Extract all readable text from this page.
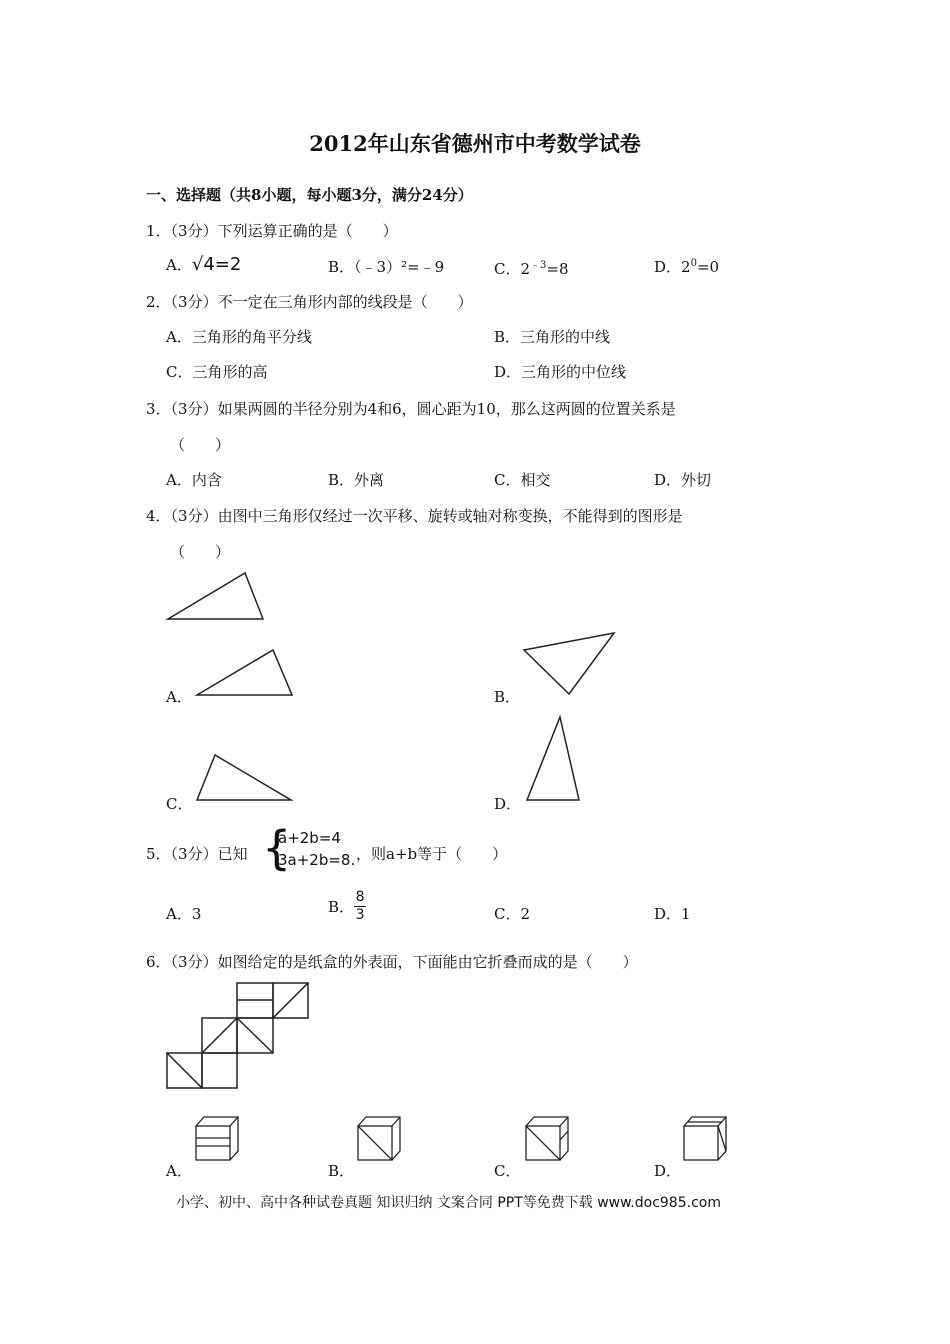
2012年山东省德州市中考数学试卷
一、选择题（共8小题，每小题3分，满分24分）
1．（3分）下列运算正确的是（　　）
A．√4=2	B．（﹣3）²=﹣9	C．$2^{﹣3}=8$	D．$2^0=0$
2．（3分）不一定在三角形内部的线段是（　　）
A．三角形的角平分线	B．三角形的中线
C．三角形的高	D．三角形的中位线
3．（3分）如果两圆的半径分别为4和6，圆心距为10，那么这两圆的位置关系是
（　　）
A．内含	B．外离	C．相交	D．外切
4．（3分）由图中三角形仅经过一次平移、旋转或轴对称变换，不能得到的图形是
（　　）
A．	B．
C．	D．
5．（3分）已知 {
a+2b=4
3a+2b=8. ，则a+b等于（　　）
A．3	B．$\frac{8}{3}$	C．2	D．1
6．（3分）如图给定的是纸盒的外表面，下面能由它折叠而成的是（　　）
A．	B．	C．	D．
小学、初中、高中各种试卷真题 知识归纳 文案合同 PPT等免费下载 www.doc985.com
